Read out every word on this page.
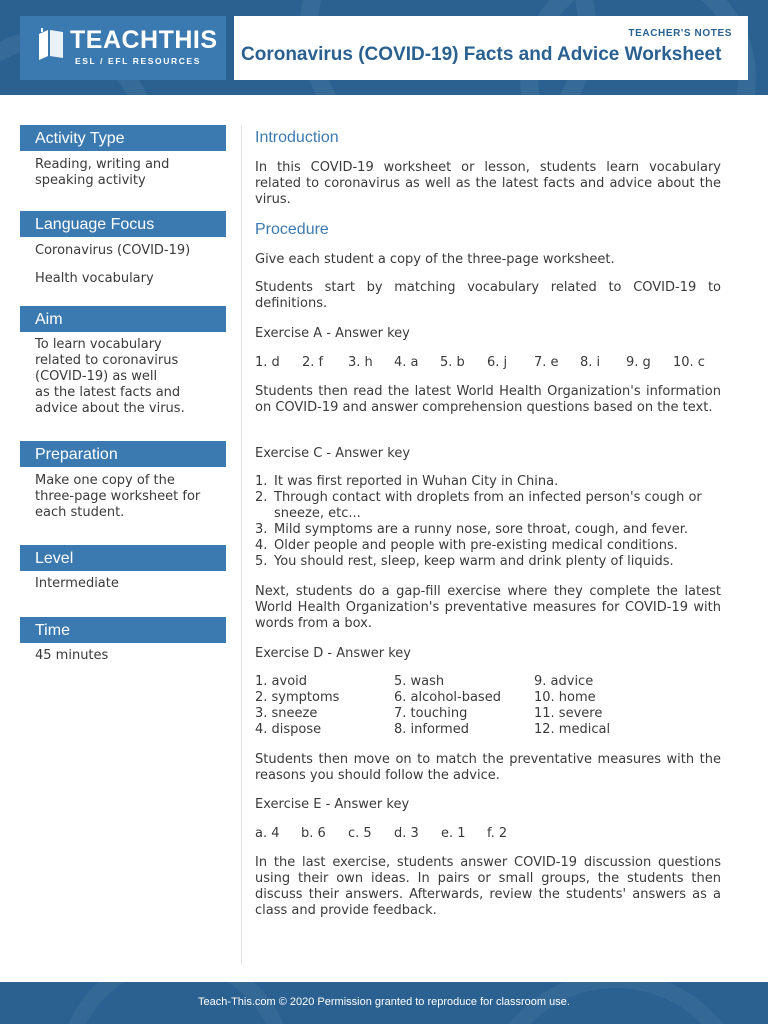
TEACHTHIS
ESL / EFL RESOURCES
TEACHER'S NOTES
Coronavirus (COVID-19) Facts and Advice Worksheet
Activity Type
Reading, writing and
speaking activity
Language Focus
Coronavirus (COVID-19)
Health vocabulary
Aim
To learn vocabulary
related to coronavirus
(COVID-19) as well
as the latest facts and
advice about the virus.
Preparation
Make one copy of the
three-page worksheet for
each student.
Level
Intermediate
Time
45 minutes
Introduction
In this COVID-19 worksheet or lesson, students learn vocabulary related to coronavirus as well as the latest facts and advice about the virus.
Procedure
Give each student a copy of the three-page worksheet.
Students start by matching vocabulary related to COVID-19 to definitions.
Exercise A - Answer key
1. d 2. f 3. h 4. a 5. b 6. j 7. e 8. i 9. g 10. c
Students then read the latest World Health Organization's information on COVID-19 and answer comprehension questions based on the text.
Exercise C - Answer key
1. It was first reported in Wuhan City in China.
2. Through contact with droplets from an infected person's cough or sneeze, etc...
3. Mild symptoms are a runny nose, sore throat, cough, and fever.
4. Older people and people with pre-existing medical conditions.
5. You should rest, sleep, keep warm and drink plenty of liquids.
Next, students do a gap-fill exercise where they complete the latest World Health Organization's preventative measures for COVID-19 with words from a box.
Exercise D - Answer key
1. avoid
2. symptoms
3. sneeze
4. dispose
5. wash
6. alcohol-based
7. touching
8. informed
9. advice
10. home
11. severe
12. medical
Students then move on to match the preventative measures with the reasons you should follow the advice.
Exercise E - Answer key
a. 4 b. 6 c. 5 d. 3 e. 1 f. 2
In the last exercise, students answer COVID-19 discussion questions using their own ideas. In pairs or small groups, the students then discuss their answers. Afterwards, review the students' answers as a class and provide feedback.
Teach-This.com © 2020 Permission granted to reproduce for classroom use.
